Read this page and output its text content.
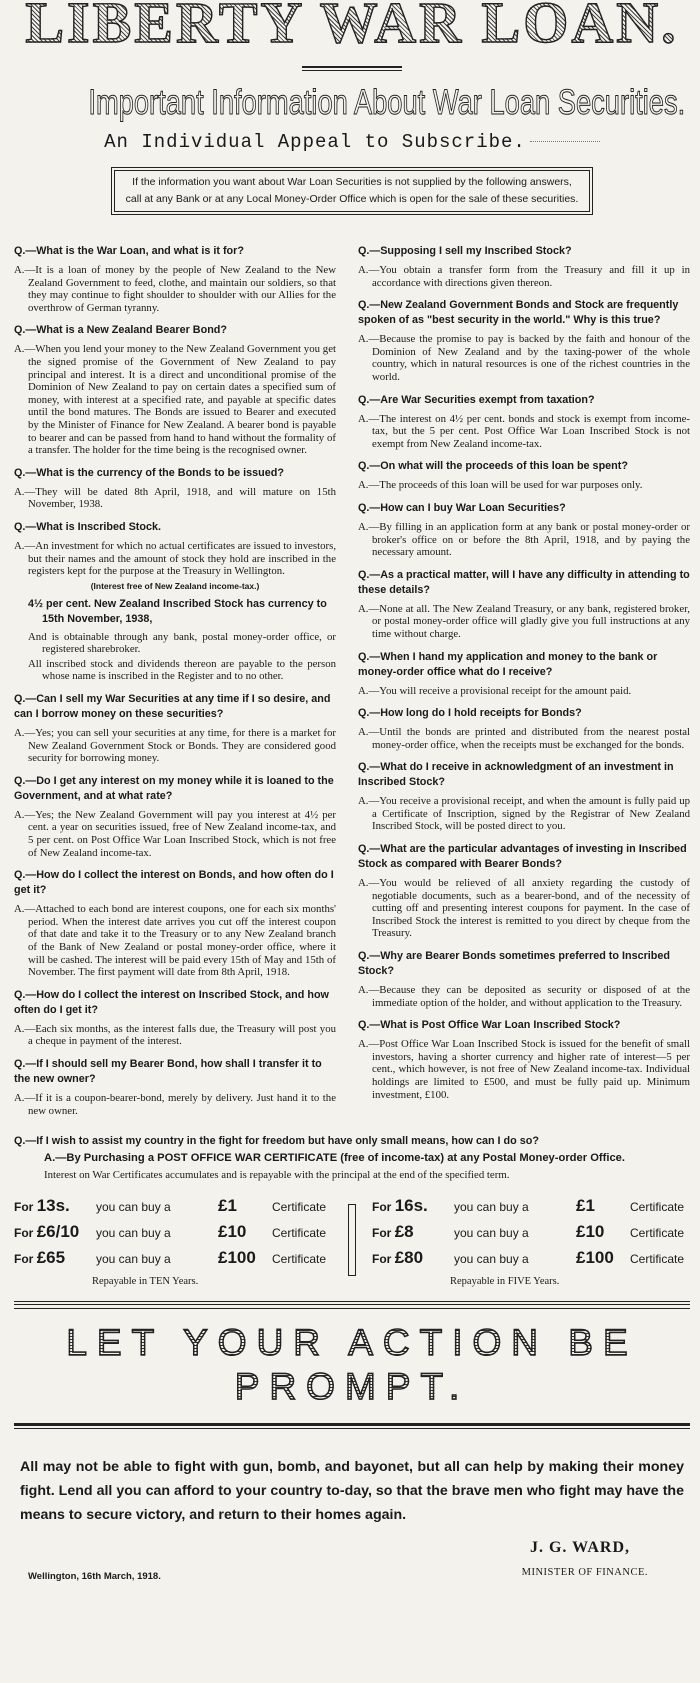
LIBERTY WAR LOAN.
Important Information About War Loan Securities.
An Individual Appeal to Subscribe.
If the information you want about War Loan Securities is not supplied by the following answers,
call at any Bank or at any Local Money-Order Office which is open for the sale of these securities.
Q.—What is the War Loan, and what is it for?
A.—It is a loan of money by the people of New Zealand to the New Zealand Government to feed, clothe, and maintain our soldiers, so that they may continue to fight shoulder to shoulder with our Allies for the overthrow of German tyranny.
Q.—What is a New Zealand Bearer Bond?
A.—When you lend your money to the New Zealand Government you get the signed promise of the Government of New Zealand to pay principal and interest. It is a direct and unconditional promise of the Dominion of New Zealand to pay on certain dates a specified sum of money, with interest at a specified rate, and payable at specific dates until the bond matures. The Bonds are issued to Bearer and executed by the Minister of Finance for New Zealand. A bearer bond is payable to bearer and can be passed from hand to hand without the formality of a transfer. The holder for the time being is the recognised owner.
Q.—What is the currency of the Bonds to be issued?
A.—They will be dated 8th April, 1918, and will mature on 15th November, 1938.
Q.—What is Inscribed Stock.
A.—An investment for which no actual certificates are issued to investors, but their names and the amount of stock they hold are inscribed in the registers kept for the purpose at the Treasury in Wellington.
(Interest free of New Zealand income-tax.)
4½ per cent. New Zealand Inscribed Stock has currency to 15th November, 1938,
And is obtainable through any bank, postal money-order office, or registered sharebroker.
All inscribed stock and dividends thereon are payable to the person whose name is inscribed in the Register and to no other.
Q.—Can I sell my War Securities at any time if I so desire, and can I borrow money on these securities?
A.—Yes; you can sell your securities at any time, for there is a market for New Zealand Government Stock or Bonds. They are considered good security for borrowing money.
Q.—Do I get any interest on my money while it is loaned to the Government, and at what rate?
A.—Yes; the New Zealand Government will pay you interest at 4½ per cent. a year on securities issued, free of New Zealand income-tax, and 5 per cent. on Post Office War Loan Inscribed Stock, which is not free of New Zealand income-tax.
Q.—How do I collect the interest on Bonds, and how often do I get it?
A.—Attached to each bond are interest coupons, one for each six months' period. When the interest date arrives you cut off the interest coupon of that date and take it to the Treasury or to any New Zealand branch of the Bank of New Zealand or postal money-order office, where it will be cashed. The interest will be paid every 15th of May and 15th of November. The first payment will date from 8th April, 1918.
Q.—How do I collect the interest on Inscribed Stock, and how often do I get it?
A.—Each six months, as the interest falls due, the Treasury will post you a cheque in payment of the interest.
Q.—If I should sell my Bearer Bond, how shall I transfer it to the new owner?
A.—If it is a coupon-bearer-bond, merely by delivery. Just hand it to the new owner.
Q.—Supposing I sell my Inscribed Stock?
A.—You obtain a transfer form from the Treasury and fill it up in accordance with directions given thereon.
Q.—New Zealand Government Bonds and Stock are frequently spoken of as "best security in the world." Why is this true?
A.—Because the promise to pay is backed by the faith and honour of the Dominion of New Zealand and by the taxing-power of the whole country, which in natural resources is one of the richest countries in the world.
Q.—Are War Securities exempt from taxation?
A.—The interest on 4½ per cent. bonds and stock is exempt from income-tax, but the 5 per cent. Post Office War Loan Inscribed Stock is not exempt from New Zealand income-tax.
Q.—On what will the proceeds of this loan be spent?
A.—The proceeds of this loan will be used for war purposes only.
Q.—How can I buy War Loan Securities?
A.—By filling in an application form at any bank or postal money-order or broker's office on or before the 8th April, 1918, and by paying the necessary amount.
Q.—As a practical matter, will I have any difficulty in attending to these details?
A.—None at all. The New Zealand Treasury, or any bank, registered broker, or postal money-order office will gladly give you full instructions at any time without charge.
Q.—When I hand my application and money to the bank or money-order office what do I receive?
A.—You will receive a provisional receipt for the amount paid.
Q.—How long do I hold receipts for Bonds?
A.—Until the bonds are printed and distributed from the nearest postal money-order office, when the receipts must be exchanged for the bonds.
Q.—What do I receive in acknowledgment of an investment in Inscribed Stock?
A.—You receive a provisional receipt, and when the amount is fully paid up a Certificate of Inscription, signed by the Registrar of New Zealand Inscribed Stock, will be posted direct to you.
Q.—What are the particular advantages of investing in Inscribed Stock as compared with Bearer Bonds?
A.—You would be relieved of all anxiety regarding the custody of negotiable documents, such as a bearer-bond, and of the necessity of cutting off and presenting interest coupons for payment. In the case of Inscribed Stock the interest is remitted to you direct by cheque from the Treasury.
Q.—Why are Bearer Bonds sometimes preferred to Inscribed Stock?
A.—Because they can be deposited as security or disposed of at the immediate option of the holder, and without application to the Treasury.
Q.—What is Post Office War Loan Inscribed Stock?
A.—Post Office War Loan Inscribed Stock is issued for the benefit of small investors, having a shorter currency and higher rate of interest—5 per cent., which however, is not free of New Zealand income-tax. Individual holdings are limited to £500, and must be fully paid up. Minimum investment, £100.
Q.—If I wish to assist my country in the fight for freedom but have only small means, how can I do so?
A.—By Purchasing a POST OFFICE WAR CERTIFICATE (free of income-tax) at any Postal Money-order Office.
Interest on War Certificates accumulates and is repayable with the principal at the end of the specified term.
For 13s.	you can buy a	£1	Certificate
For £6/10	you can buy a	£10	Certificate
For £65	you can buy a	£100	Certificate
Repayable in TEN Years.
For 16s.	you can buy a	£1	Certificate
For £8	you can buy a	£10	Certificate
For £80	you can buy a	£100	Certificate
Repayable in FIVE Years.
LET YOUR ACTION BE PROMPT.
All may not be able to fight with gun, bomb, and bayonet, but all can help by making their money fight. Lend all you can afford to your country to-day, so that the brave men who fight may have the means to secure victory, and return to their homes again.
J. G. WARD,
MINISTER OF FINANCE.
Wellington, 16th March, 1918.
